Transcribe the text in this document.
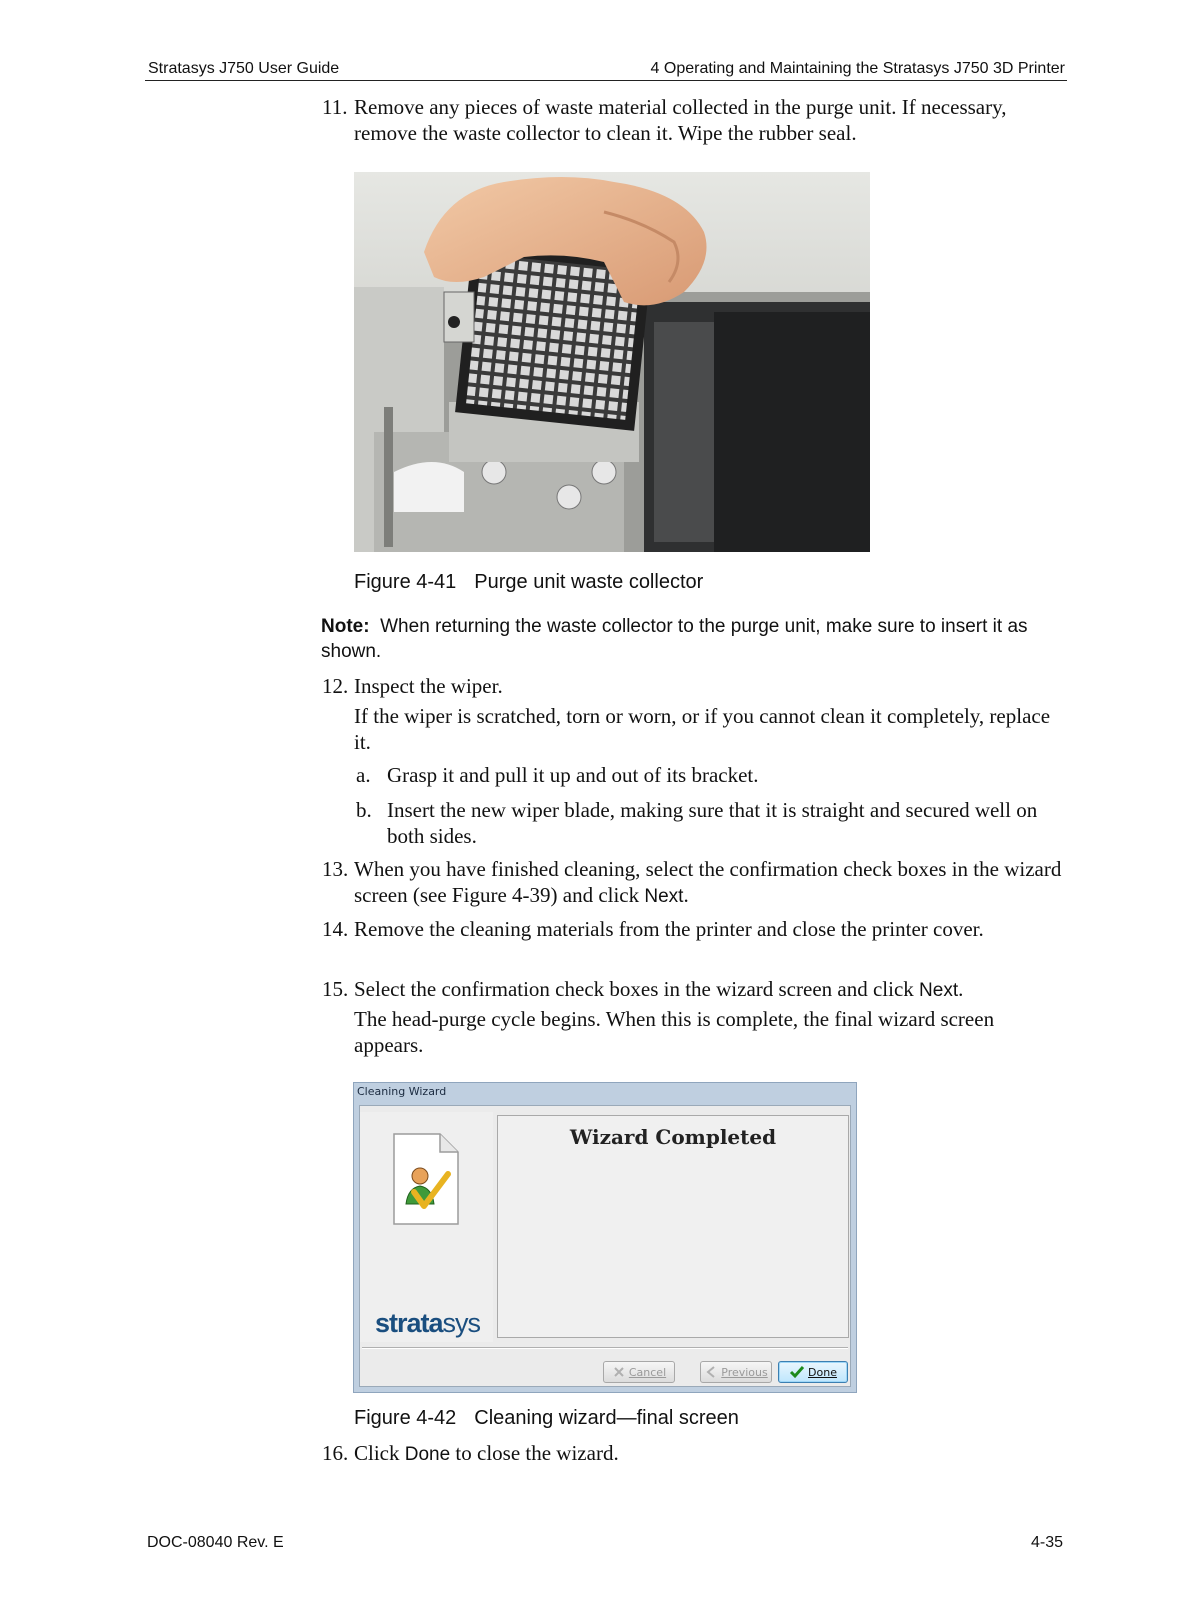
Stratasys J750 User Guide	4 Operating and Maintaining the Stratasys J750 3D Printer
11. Remove any pieces of waste material collected in the purge unit. If necessary, remove the waste collector to clean it. Wipe the rubber seal.
Figure 4-41 Purge unit waste collector
Note: When returning the waste collector to the purge unit, make sure to insert it as shown.
12. Inspect the wiper.
If the wiper is scratched, torn or worn, or if you cannot clean it completely, replace it.
a. Grasp it and pull it up and out of its bracket.
b. Insert the new wiper blade, making sure that it is straight and secured well on both sides.
13. When you have finished cleaning, select the confirmation check boxes in the wizard screen (see Figure 4-39) and click Next.
14. Remove the cleaning materials from the printer and close the printer cover.
15. Select the confirmation check boxes in the wizard screen and click Next.
The head-purge cycle begins. When this is complete, the final wizard screen appears.
Cleaning Wizard
stratasys
Wizard Completed
Cancel	Previous	Done
Figure 4-42 Cleaning wizard—final screen
16. Click Done to close the wizard.
DOC-08040 Rev. E	4-35
